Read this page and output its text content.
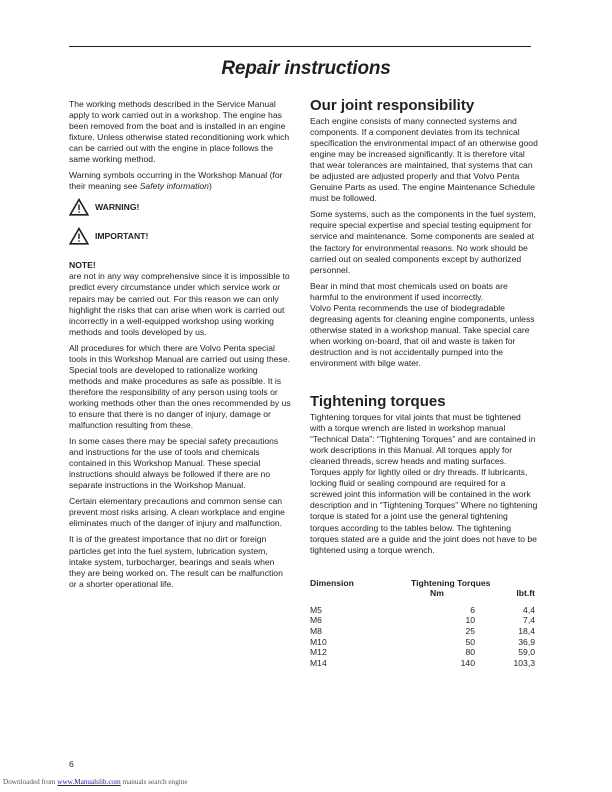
Repair instructions

The working methods described in the Service Manual apply to work carried out in a workshop. The engine has been removed from the boat and is installed in an engine fixture. Unless otherwise stated reconditioning work which can be carried out with the engine in place follows the same working method.

Warning symbols occurring in the Workshop Manual (for their meaning see Safety information)

WARNING!
IMPORTANT!
NOTE!

are not in any way comprehensive since it is impossible to predict every circumstance under which service work or repairs may be carried out. For this reason we can only highlight the risks that can arise when work is carried out incorrectly in a well-equipped workshop using working methods and tools developed by us.

All procedures for which there are Volvo Penta special tools in this Workshop Manual are carried out using these. Special tools are developed to rationalize working methods and make procedures as safe as possible. It is therefore the responsibility of any person using tools or working methods other than the ones recommended by us to ensure that there is no danger of injury, damage or malfunction resulting from these.

In some cases there may be special safety precautions and instructions for the use of tools and chemicals contained in this Workshop Manual. These special instructions should always be followed if there are no separate instructions in the Workshop Manual.

Certain elementary precautions and common sense can prevent most risks arising. A clean workplace and engine eliminates much of the danger of injury and malfunction.

It is of the greatest importance that no dirt or foreign particles get into the fuel system, lubrication system, intake system, turbocharger, bearings and seals when they are being worked on. The result can be malfunction or a shorter operational life.

Our joint responsibility

Each engine consists of many connected systems and components. If a component deviates from its technical specification the environmental impact of an otherwise good engine may be increased significantly. It is therefore vital that wear tolerances are maintained, that systems that can be adjusted are adjusted properly and that Volvo Penta Genuine Parts as used. The engine Maintenance Schedule must be followed.

Some systems, such as the components in the fuel system, require special expertise and special testing equipment for service and maintenance. Some components are sealed at the factory for environmental reasons. No work should be carried out on sealed components except by authorized personnel.

Bear in mind that most chemicals used on boats are harmful to the environment if used incorrectly.

Volvo Penta recommends the use of biodegradable degreasing agents for cleaning engine components, unless otherwise stated in a workshop manual. Take special care when working on-board, that oil and waste is taken for destruction and is not accidentally pumped into the environment with bilge water.

Tightening torques

Tightening torques for vital joints that must be tightened with a torque wrench are listed in workshop manual “Technical Data”: “Tightening Torques” and are contained in work descriptions in this Manual. All torques apply for cleaned threads, screw heads and mating surfaces. Torques apply for lightly oiled or dry threads. If lubricants, locking fluid or sealing compound are required for a screwed joint this information will be contained in the work description and in “Tightening Torques” Where no tightening torque is stated for a joint use the general tightening torques according to the tables below. The tightening torques stated are a guide and the joint does not have to be tightened using a torque wrench.

Dimension	Tightening Torques	
	Nm	lbt.ft

M5	6	4,4
M6	10	7,4
M8	25	18,4
M10	50	36,9
M12	80	59,0
M14	140	103,3
6
Downloaded from www.Manualslib.com manuals search engine
